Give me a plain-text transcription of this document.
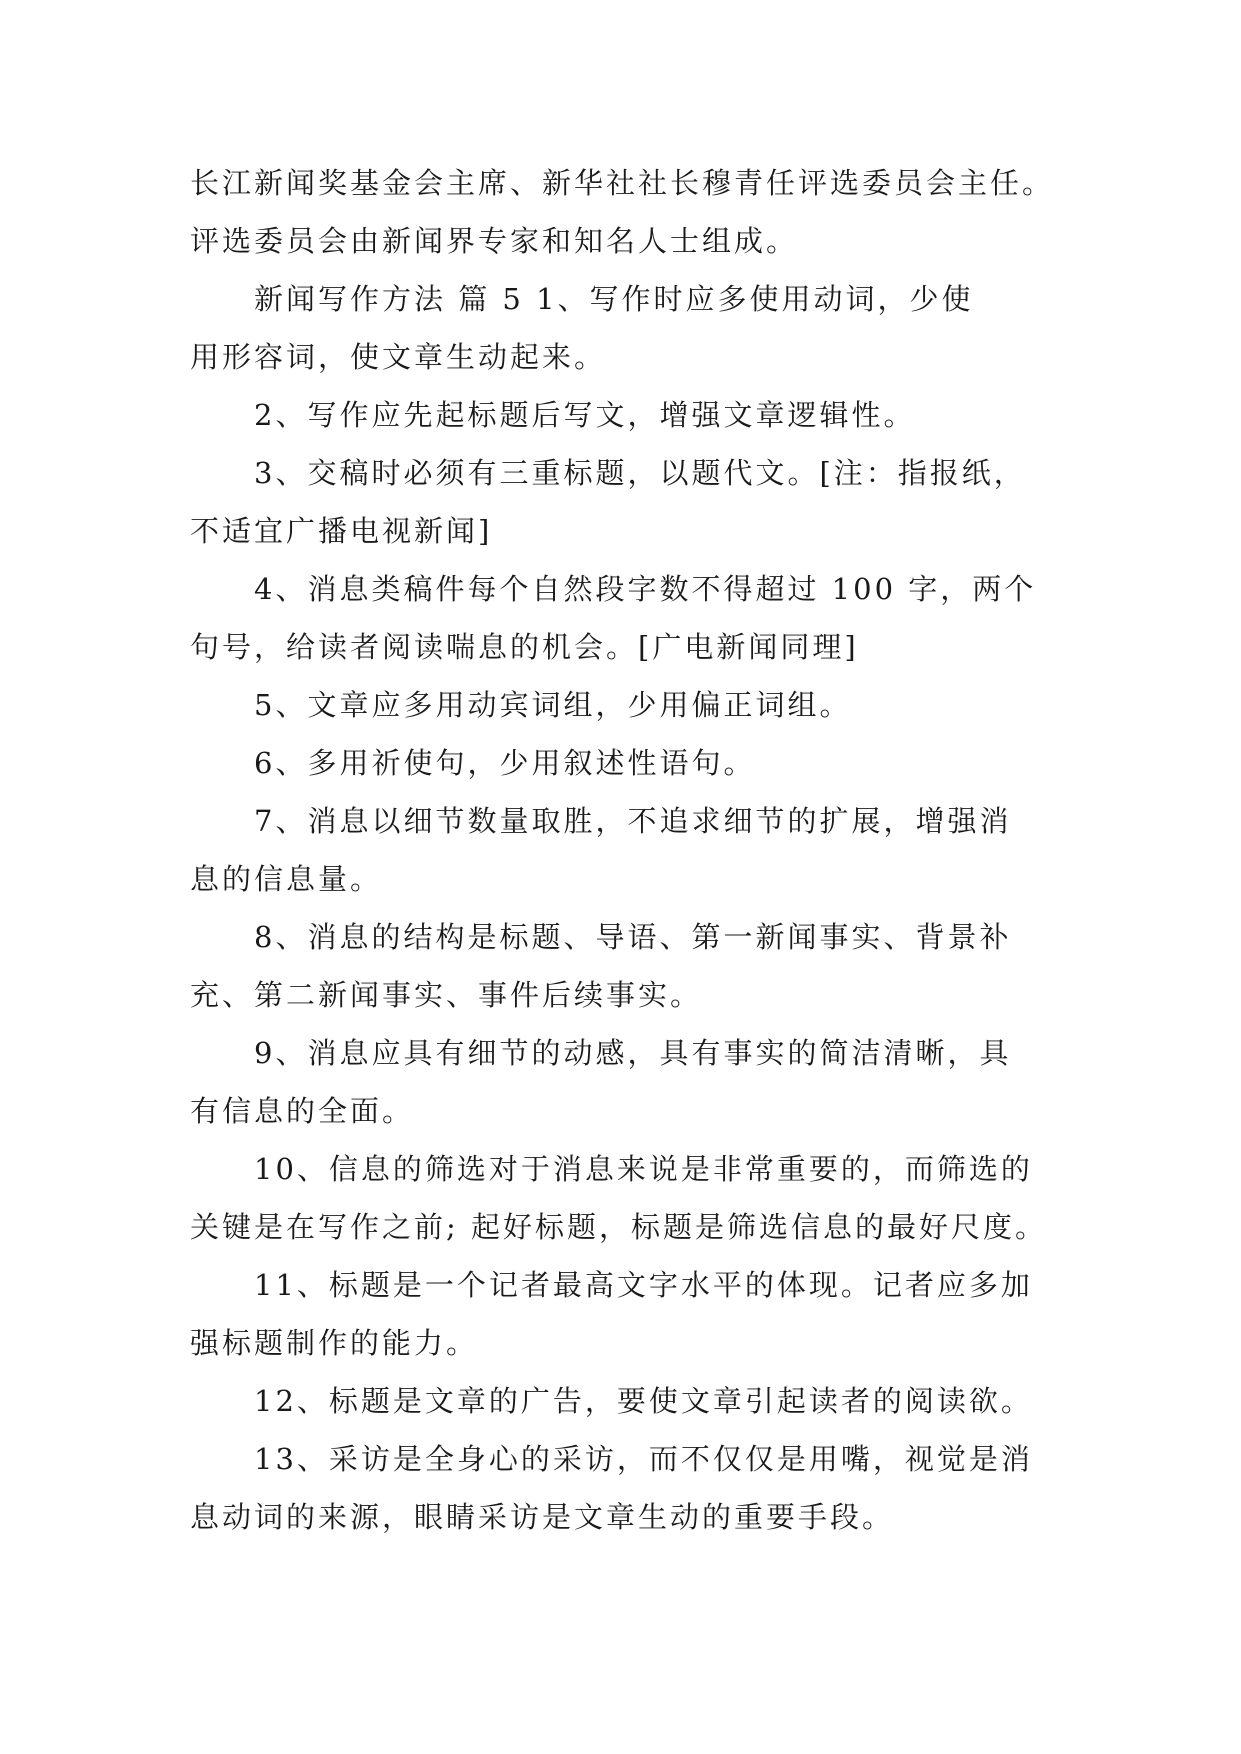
长江新闻奖基金会主席、新华社社长穆青任评选委员会主任。
评选委员会由新闻界专家和知名人士组成。

新闻写作方法 篇 5 1、写作时应多使用动词，少使
用形容词，使文章生动起来。

2、写作应先起标题后写文，增强文章逻辑性。

3、交稿时必须有三重标题，以题代文。[注：指报纸，
不适宜广播电视新闻]

4、消息类稿件每个自然段字数不得超过 100 字，两个
句号，给读者阅读喘息的机会。[广电新闻同理]

5、文章应多用动宾词组，少用偏正词组。

6、多用祈使句，少用叙述性语句。

7、消息以细节数量取胜，不追求细节的扩展，增强消
息的信息量。

8、消息的结构是标题、导语、第一新闻事实、背景补
充、第二新闻事实、事件后续事实。

9、消息应具有细节的动感，具有事实的简洁清晰，具
有信息的全面。

10、信息的筛选对于消息来说是非常重要的，而筛选的
关键是在写作之前; 起好标题，标题是筛选信息的最好尺度。

11、标题是一个记者最高文字水平的体现。记者应多加
强标题制作的能力。

12、标题是文章的广告，要使文章引起读者的阅读欲。

13、采访是全身心的采访，而不仅仅是用嘴，视觉是消
息动词的来源，眼睛采访是文章生动的重要手段。
